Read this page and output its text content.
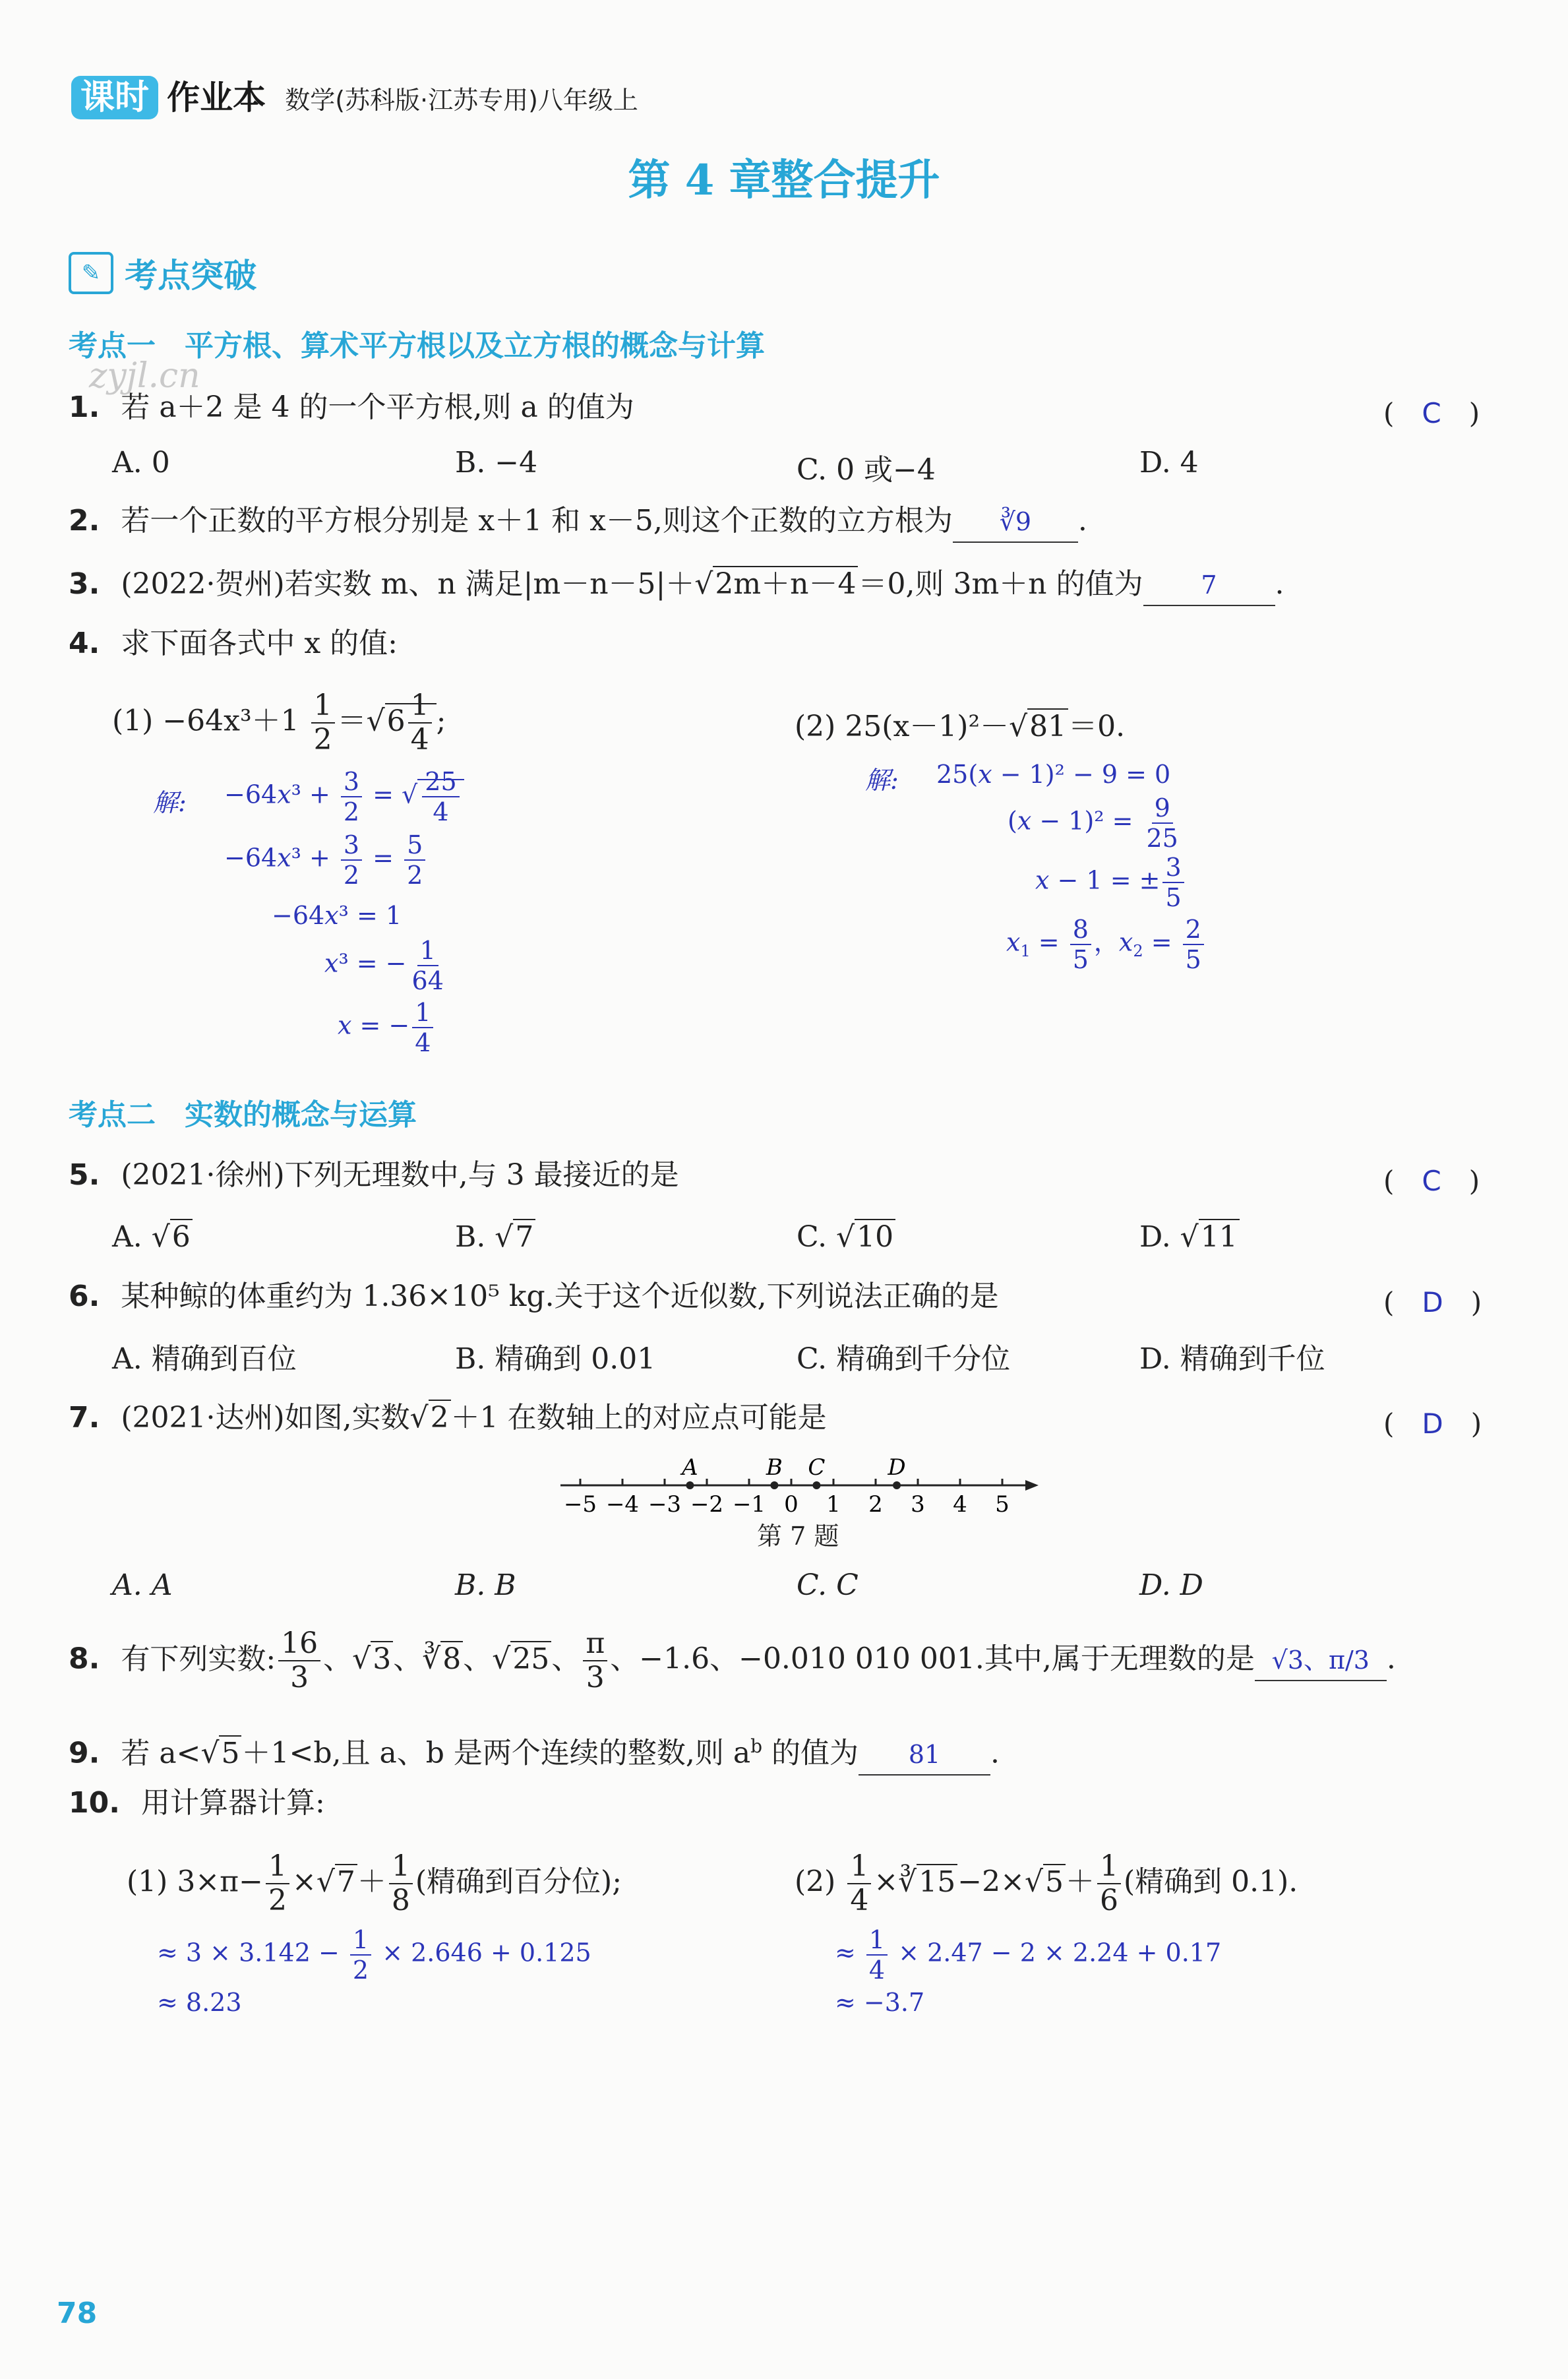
课时 作业本 数学(苏科版·江苏专用)八年级上
第 4 章整合提升
✎ 考点突破
考点一　平方根、算术平方根以及立方根的概念与计算
zyjl.cn
1. 若 a＋2 是 4 的一个平方根,则 a 的值为	(　C　)
A. 0	B. −4	C. 0 或−4	D. 4
2. 若一个正数的平方根分别是 x＋1 和 x－5,则这个正数的立方根为 ∛9 .
3. (2022·贺州)若实数 m、n 满足|m－n－5|＋√2m＋n－4＝0,则 3m＋n 的值为 7 .
4. 求下面各式中 x 的值:
$(1) -64x^3+1 \frac{1}{2} =√6 \frac{1}{4}$ ;	(2) 25(x－1)²－√81＝0.
解: $-64x^3 + \frac{3}{2}$ = √ $\frac{25}{4}$
$-64x^3 + \frac{3}{2} = \frac{5}{2}$
−64x³ = 1
x³ = − $\frac{1}{64}$
x = − $\frac{1}{4}$
解: 25(x − 1)² − 9 = 0
$(x - 1)^2 = \frac{9}{25}$
x − 1 = ± $\frac{3}{5}$
$x_1 = \frac{8}{5}$ ，$x_2 = \frac{2}{5}$
考点二　实数的概念与运算
5. (2021·徐州)下列无理数中,与 3 最接近的是	(　C　)
A. √6	B. √7	C. √10	D. √11
6. 某种鲸的体重约为 1.36×10⁵ kg.关于这个近似数,下列说法正确的是	(　D　)
A. 精确到百位	B. 精确到 0.01	C. 精确到千分位	D. 精确到千位
7. (2021·达州)如图,实数√2＋1 在数轴上的对应点可能是	(　D　)
−5 −4 −3 −2 −1 0 1 2 3 4 5
A	B C	D
第 7 题
A. A	B. B	C. C	D. D
8. 有下列实数: $\frac{16}{3}$ 、√3、∛8、√25、 $\frac{\pi}{3}$ 、−1.6、−0.010 010 001.其中,属于无理数的是 √3、π/3 .
9. 若 a<√5＋1<b,且 a、b 是两个连续的整数,则 $a^b$ 的值为 81 .
10. 用计算器计算:
(1) $3\times\pi- \frac{1}{2} \times√7+ \frac{1}{8}$ (精确到百分位);	$(2) \frac{1}{4}$ ×∛15−2×√5＋ $\frac{1}{6}$ (精确到 0.1).
≈ $3 \times 3.142 - \frac{1}{2} \times 2.646 + 0.125$
≈ 8.23
≈ $\frac{1}{4} \times 2.47 - 2 \times 2.24 + 0.17$
≈ −3.7
78
